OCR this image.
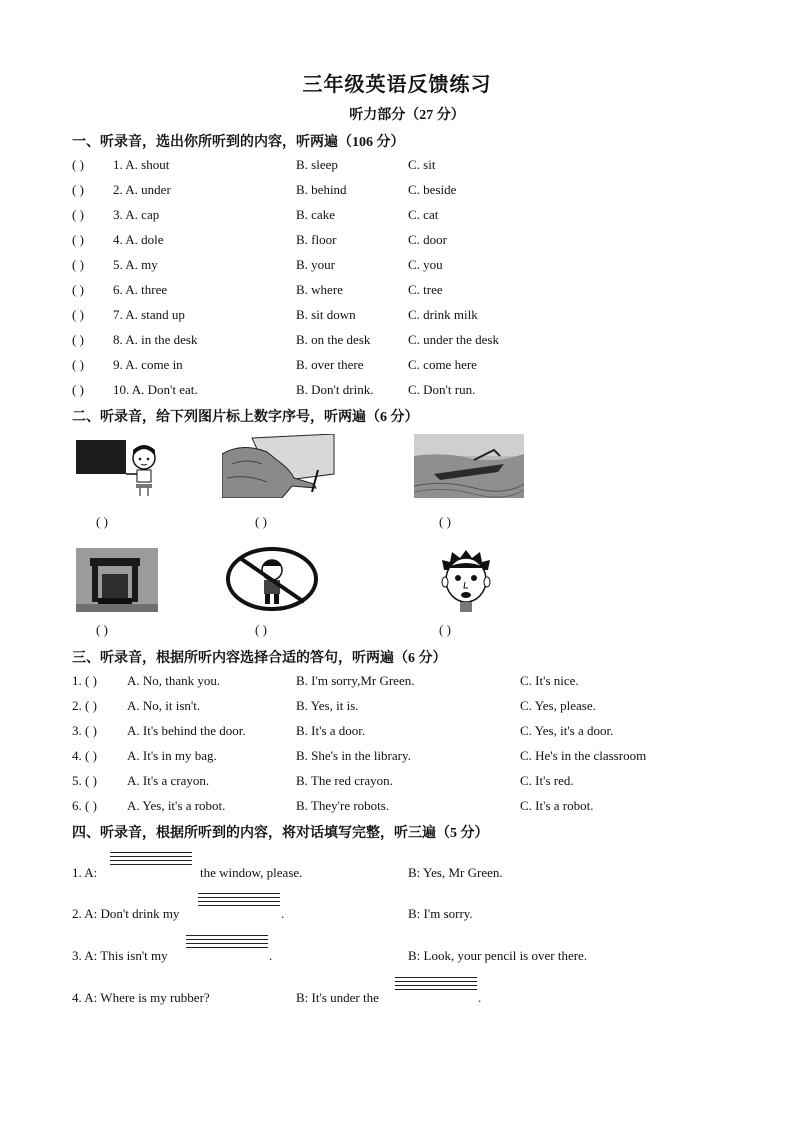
三年级英语反馈练习
听力部分（27 分）
一、听录音，选出你所听到的内容，听两遍（106 分）
( ) 1. A. shout	B. sleep	C. sit
( ) 2. A. under	B. behind	C. beside
( ) 3. A. cap	B. cake	C. cat
( ) 4. A. dole	B. floor	C. door
( ) 5. A. my	B. your	C. you
( ) 6. A. three	B. where	C. tree
( ) 7. A. stand up	B. sit down	C. drink milk
( ) 8. A. in the desk	B. on the desk	C. under the desk
( ) 9. A. come in	B. over there	C. come here
( ) 10. A. Don't eat.	B. Don't drink.	C. Don't run.
二、听录音，给下列图片标上数字序号，听两遍（6 分）
( )	( )	( )
( )	( )	( )
三、听录音，根据所听内容选择合适的答句，听两遍（6 分）
1. ( ) A. No, thank you.	B. I'm sorry,Mr Green.	C. It's nice.
2. ( ) A. No, it isn't.	B. Yes, it is.	C. Yes, please.
3. ( ) A. It's behind the door.	B. It's a door.	C. Yes, it's a door.
4. ( ) A. It's in my bag.	B. She's in the library.	C. He's in the classroom
5. ( ) A. It's a crayon.	B. The red crayon.	C. It's red.
6. ( ) A. Yes, it's a robot.	B. They're robots.	C. It's a robot.
四、听录音，根据所听到的内容，将对话填写完整，听三遍（5 分）
1. A:	the window, please.	B: Yes, Mr Green.
2. A: Don't drink my	.	B: I'm sorry.
3. A: This isn't my	.	B: Look, your pencil is over there.
4. A: Where is my rubber?	B: It's under the	.
